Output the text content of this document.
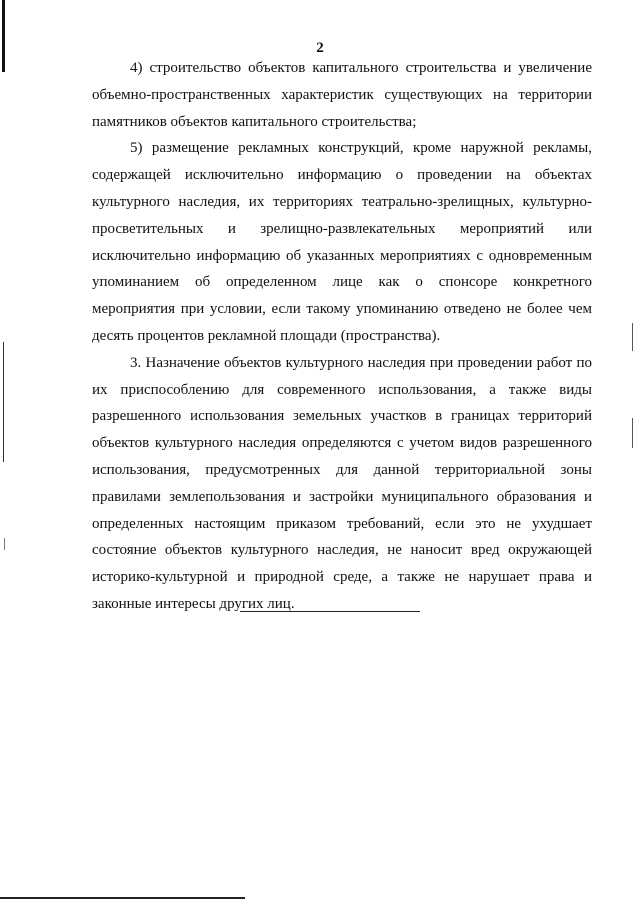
2

4) строительство объектов капитального строительства и увеличение объемно-пространственных характеристик существующих на территории памятников объектов капитального строительства;

5) размещение рекламных конструкций, кроме наружной рекламы, содержащей исключительно информацию о проведении на объектах культурного наследия, их территориях театрально-зрелищных, культурно-просветительных и зрелищно-развлекательных мероприятий или исключительно информацию об указанных мероприятиях с одновременным упоминанием об определенном лице как о спонсоре конкретного мероприятия при условии, если такому упоминанию отведено не более чем десять процентов рекламной площади (пространства).

3. Назначение объектов культурного наследия при проведении работ по их приспособлению для современного использования, а также виды разрешенного использования земельных участков в границах территорий объектов культурного наследия определяются с учетом видов разрешенного использования, предусмотренных для данной территориальной зоны правилами землепользования и застройки муниципального образования и определенных настоящим приказом требований, если это не ухудшает состояние объектов культурного наследия, не наносит вред окружающей историко-культурной и природной среде, а также не нарушает права и законные интересы других лиц.
